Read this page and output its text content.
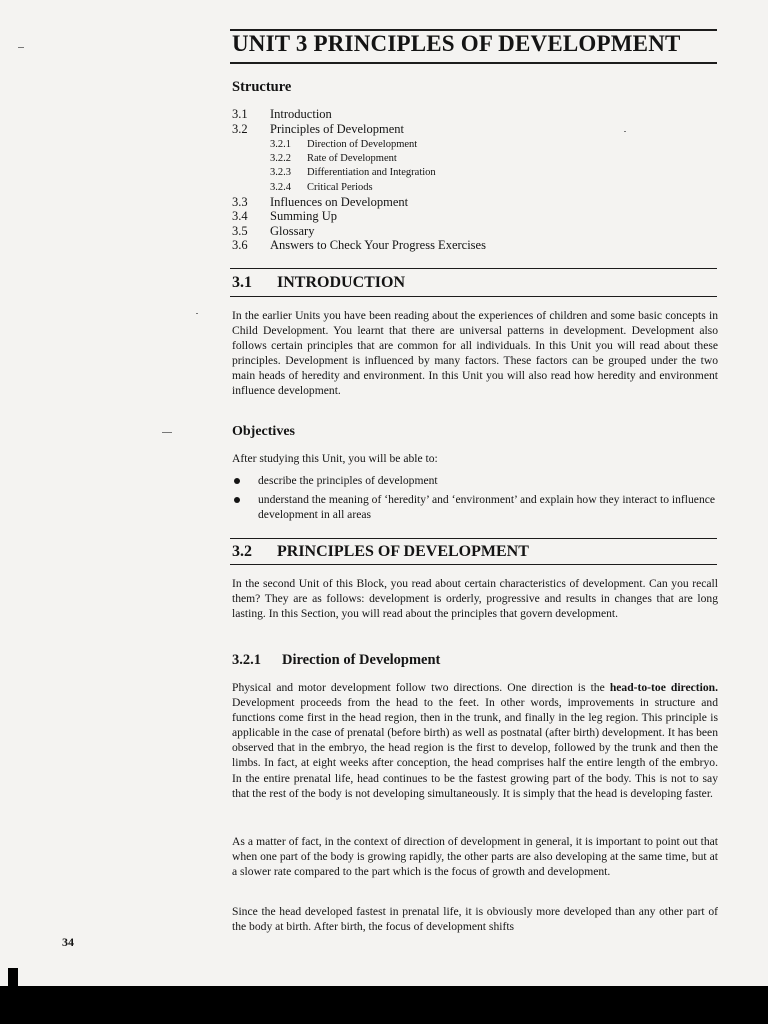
UNIT 3 PRINCIPLES OF DEVELOPMENT
Structure
3.1 Introduction
3.2 Principles of Development
3.2.1 Direction of Development
3.2.2 Rate of Development
3.2.3 Differentiation and Integration
3.2.4 Critical Periods
3.3 Influences on Development
3.4 Summing Up
3.5 Glossary
3.6 Answers to Check Your Progress Exercises
3.1 INTRODUCTION

In the earlier Units you have been reading about the experiences of children and some basic concepts in Child Development. You learnt that there are universal patterns in development. Development also follows certain principles that are common for all individuals. In this Unit you will read about these principles. Development is influenced by many factors. These factors can be grouped under the two main heads of heredity and environment. In this Unit you will also read how heredity and environment influence development.

Objectives

After studying this Unit, you will be able to:

describe the principles of development
understand the meaning of ‘heredity’ and ‘environment’ and explain how they interact to influence development in all areas
3.2 PRINCIPLES OF DEVELOPMENT

In the second Unit of this Block, you read about certain characteristics of development. Can you recall them? They are as follows: development is orderly, progressive and results in changes that are long lasting. In this Section, you will read about the principles that govern development.

3.2.1 Direction of Development

Physical and motor development follow two directions. One direction is the head-to-toe direction. Development proceeds from the head to the feet. In other words, improvements in structure and functions come first in the head region, then in the trunk, and finally in the leg region. This principle is applicable in the case of prenatal (before birth) as well as postnatal (after birth) development. It has been observed that in the embryo, the head region is the first to develop, followed by the trunk and then the limbs. In fact, at eight weeks after conception, the head comprises half the entire length of the embryo. In the entire prenatal life, head continues to be the fastest growing part of the body. This is not to say that the rest of the body is not developing simultaneously. It is simply that the head is developing faster.

As a matter of fact, in the context of direction of development in general, it is important to point out that when one part of the body is growing rapidly, the other parts are also developing at the same time, but at a slower rate compared to the part which is the focus of growth and development.

Since the head developed fastest in prenatal life, it is obviously more developed than any other part of the body at birth. After birth, the focus of development shifts

34
